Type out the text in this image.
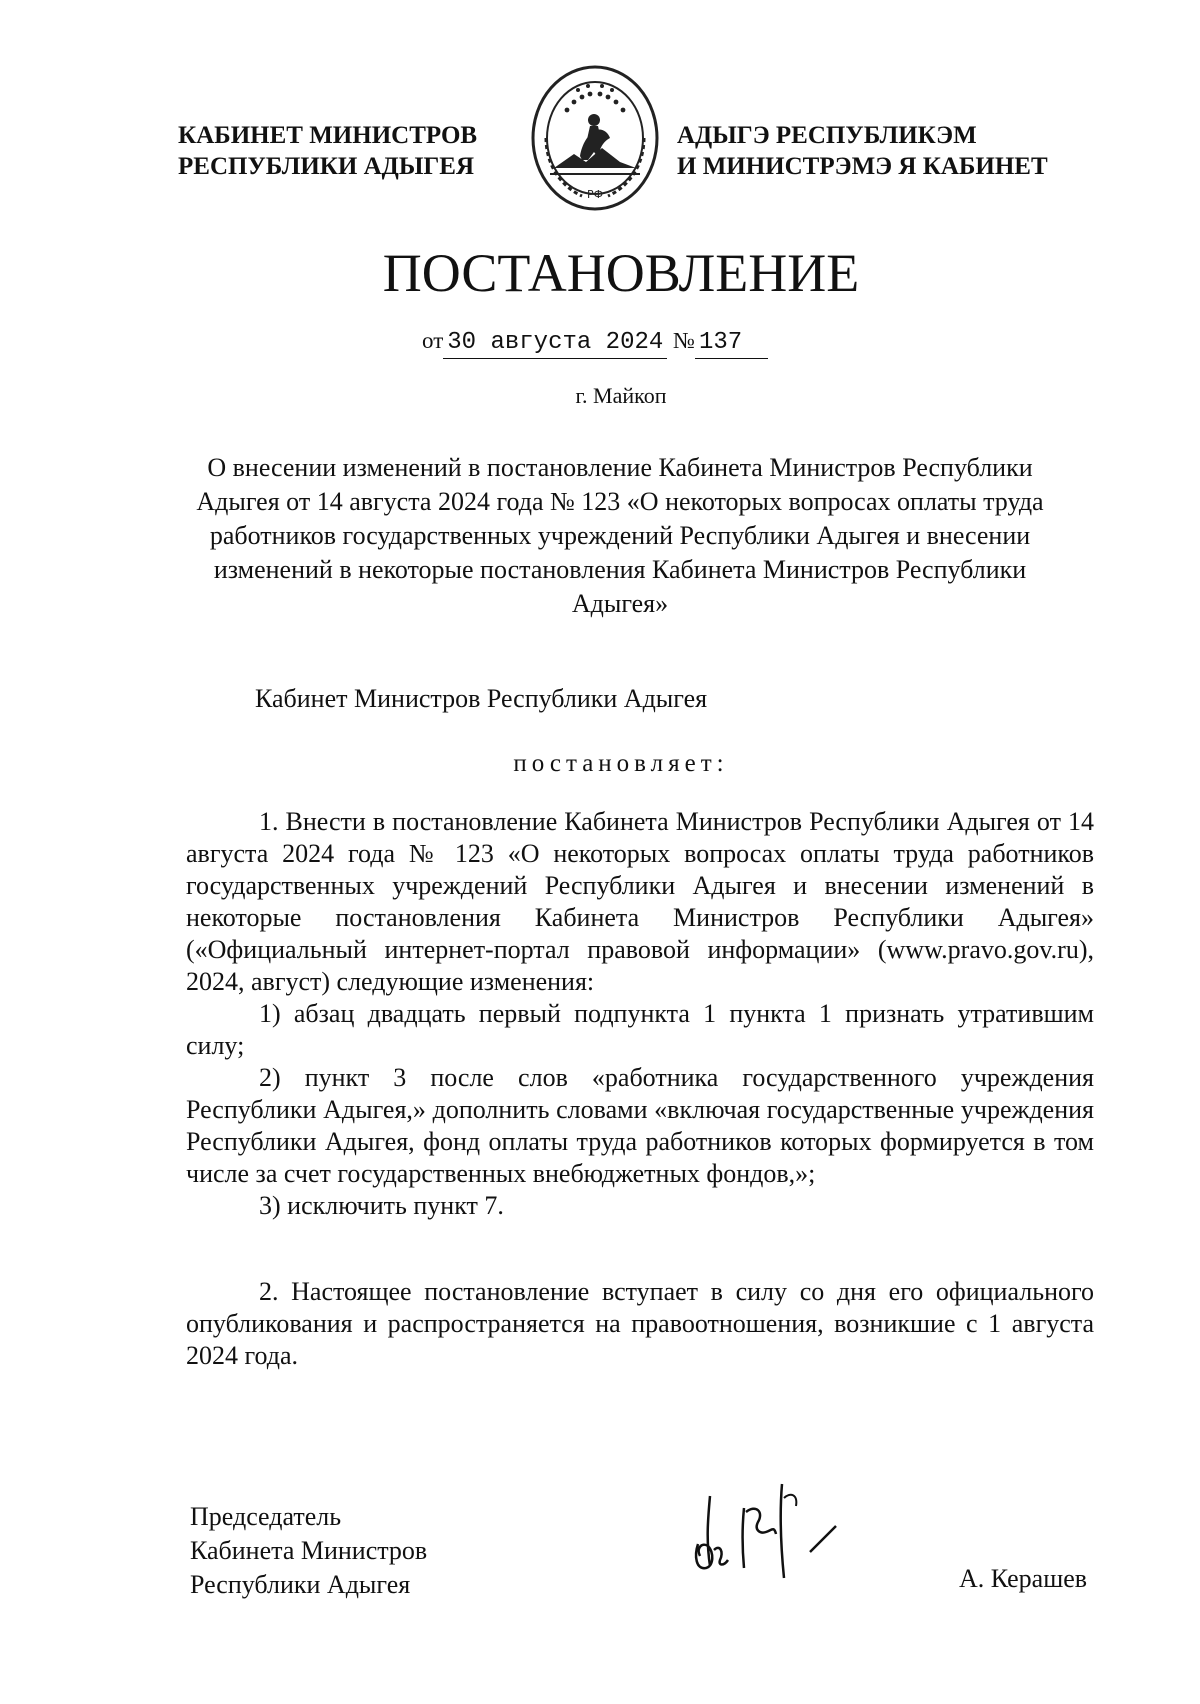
КАБИНЕТ МИНИСТРОВ
РЕСПУБЛИКИ АДЫГЕЯ
РФ
АДЫГЭ РЕСПУБЛИКЭМ
И МИНИСТРЭМЭ Я КАБИНЕТ
ПОСТАНОВЛЕНИЕ
от 30 августа 2024 № 137
г. Майкоп
О внесении изменений в постановление Кабинета Министров Республики Адыгея от 14 августа 2024 года № 123 «О некоторых вопросах оплаты труда работников государственных учреждений Республики Адыгея и внесении изменений в некоторые постановления Кабинета Министров Республики Адыгея»
Кабинет Министров Республики Адыгея
постановляет:

1. Внести в постановление Кабинета Министров Республики Адыгея от 14 августа 2024 года № 123 «О некоторых вопросах оплаты труда работников государственных учреждений Республики Адыгея и внесении изменений в некоторые постановления Кабинета Министров Республики Адыгея» («Официальный интернет-портал правовой информации» (www.pravo.gov.ru), 2024, август) следующие изменения:

1) абзац двадцать первый подпункта 1 пункта 1 признать утратившим силу;

2) пункт 3 после слов «работника государственного учреждения Республики Адыгея,» дополнить словами «включая государственные учреждения Республики Адыгея, фонд оплаты труда работников которых формируется в том числе за счет государственных внебюджетных фондов,»;

3) исключить пункт 7.

2. Настоящее постановление вступает в силу со дня его официального опубликования и распространяется на правоотношения, возникшие с 1 августа 2024 года.

Председатель
Кабинета Министров
Республики Адыгея	А. Керашев
